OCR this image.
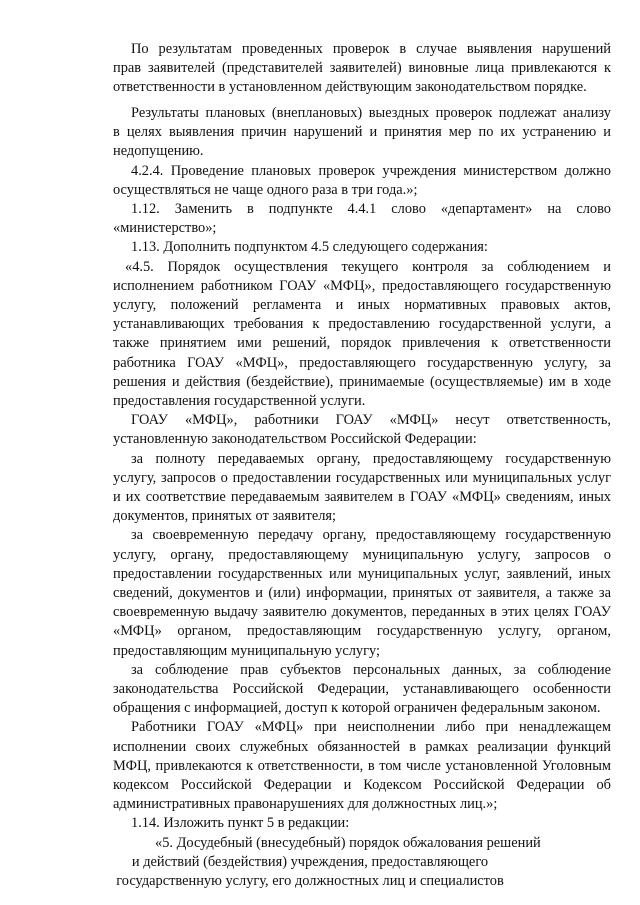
По результатам проведенных проверок в случае выявления нарушений
прав заявителей (представителей заявителей) виновные лица привлекаются к
ответственности в установленном действующим законодательством порядке.
Результаты плановых (внеплановых) выездных проверок подлежат анализу
в целях выявления причин нарушений и принятия мер по их устранению и
недопущению.
4.2.4. Проведение плановых проверок учреждения министерством должно
осуществляться не чаще одного раза в три года.»;
1.12. Заменить в подпункте 4.4.1 слово «департамент» на слово
«министерство»;
1.13. Дополнить подпунктом 4.5 следующего содержания:
«4.5. Порядок осуществления текущего контроля за соблюдением и
исполнением работником ГОАУ «МФЦ», предоставляющего государственную
услугу, положений регламента и иных нормативных правовых актов,
устанавливающих требования к предоставлению государственной услуги, а
также принятием ими решений, порядок привлечения к ответственности
работника ГОАУ «МФЦ», предоставляющего государственную услугу, за
решения и действия (бездействие), принимаемые (осуществляемые) им в ходе
предоставления государственной услуги.
ГОАУ «МФЦ», работники ГОАУ «МФЦ» несут ответственность,
установленную законодательством Российской Федерации:
за полноту передаваемых органу, предоставляющему государственную
услугу, запросов о предоставлении государственных или муниципальных услуг
и их соответствие передаваемым заявителем в ГОАУ «МФЦ» сведениям, иных
документов, принятых от заявителя;
за своевременную передачу органу, предоставляющему государственную
услугу, органу, предоставляющему муниципальную услугу, запросов о
предоставлении государственных или муниципальных услуг, заявлений, иных
сведений, документов и (или) информации, принятых от заявителя, а также за
своевременную выдачу заявителю документов, переданных в этих целях ГОАУ
«МФЦ» органом, предоставляющим государственную услугу, органом,
предоставляющим муниципальную услугу;
за соблюдение прав субъектов персональных данных, за соблюдение
законодательства Российской Федерации, устанавливающего особенности
обращения с информацией, доступ к которой ограничен федеральным законом.
Работники ГОАУ «МФЦ» при неисполнении либо при ненадлежащем
исполнении своих служебных обязанностей в рамках реализации функций
МФЦ, привлекаются к ответственности, в том числе установленной Уголовным
кодексом Российской Федерации и Кодексом Российской Федерации об
административных правонарушениях для должностных лиц.»;
1.14. Изложить пункт 5 в редакции:
«5. Досудебный (внесудебный) порядок обжалования решений
и действий (бездействия) учреждения, предоставляющего
государственную услугу, его должностных лиц и специалистов
